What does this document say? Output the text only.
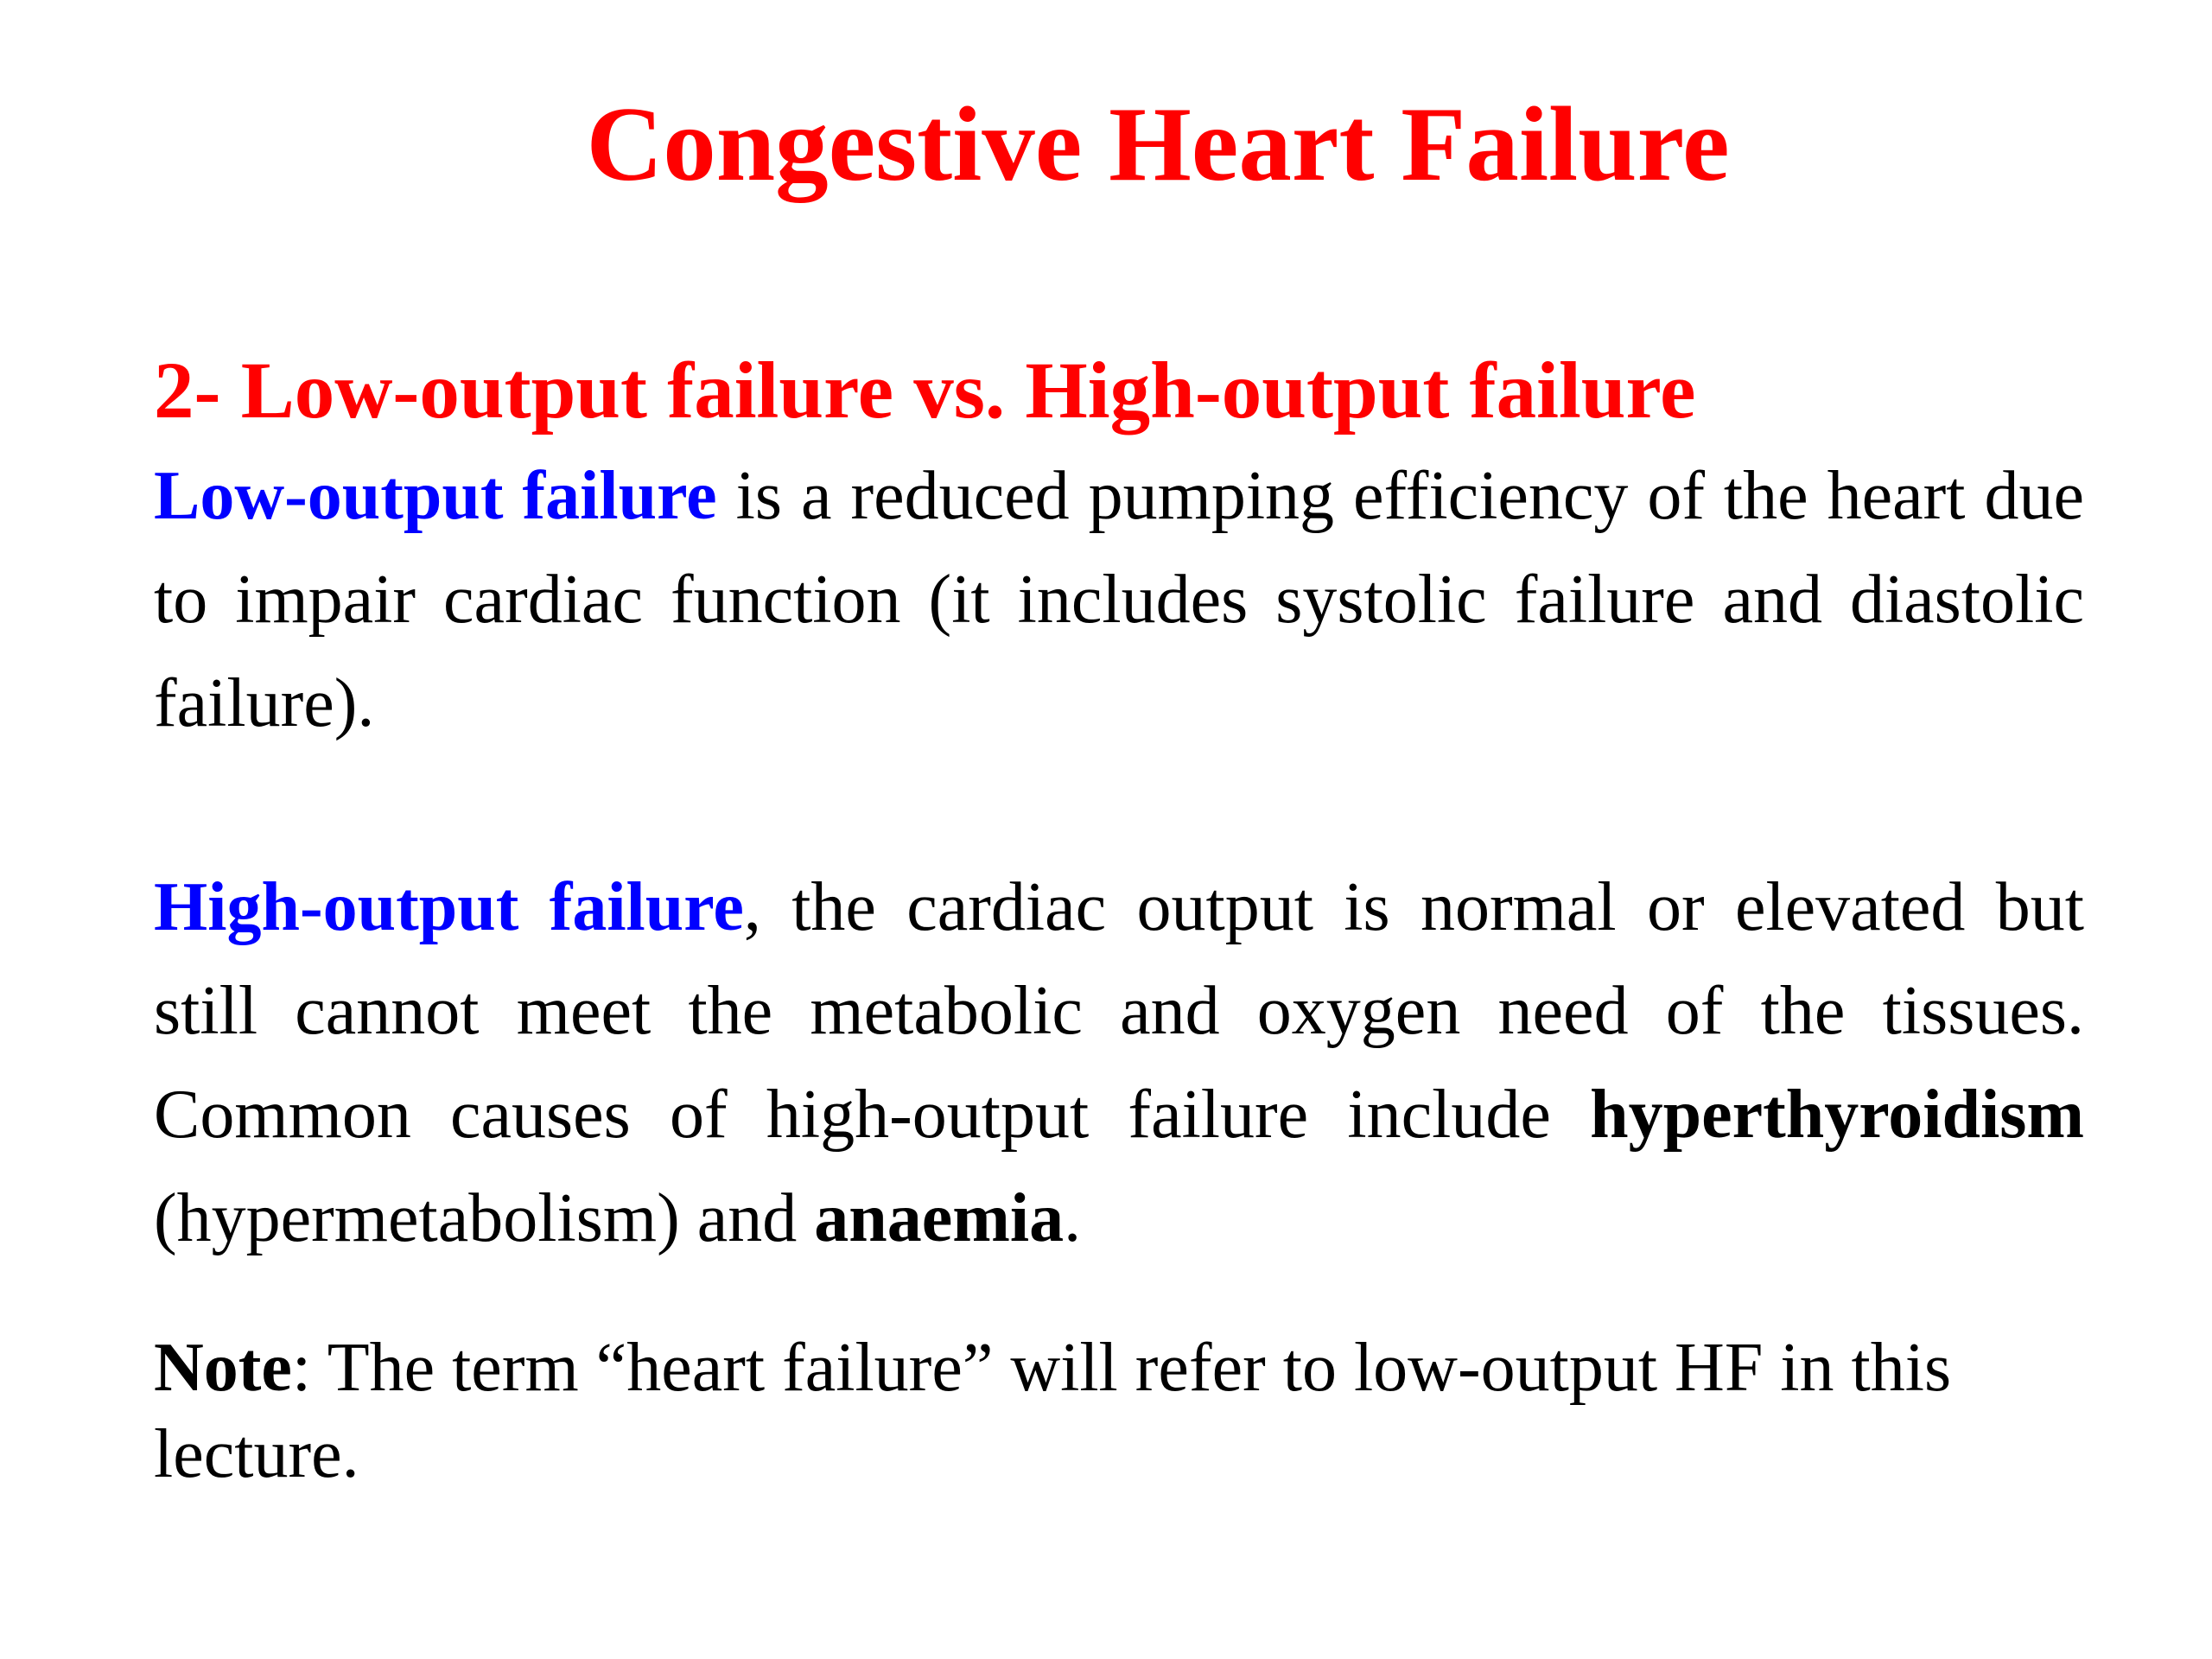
Congestive Heart Failure
2- Low-output failure vs. High-output failure
Low-output failure is a reduced pumping efficiency of the heart due to impair cardiac function (it includes systolic failure and diastolic failure).
High-output failure, the cardiac output is normal or elevated but still cannot meet the metabolic and oxygen need of the tissues. Common causes of high-output failure include hyperthyroidism (hypermetabolism) and anaemia.
Note: The term “heart failure” will refer to low-output HF in this lecture.
